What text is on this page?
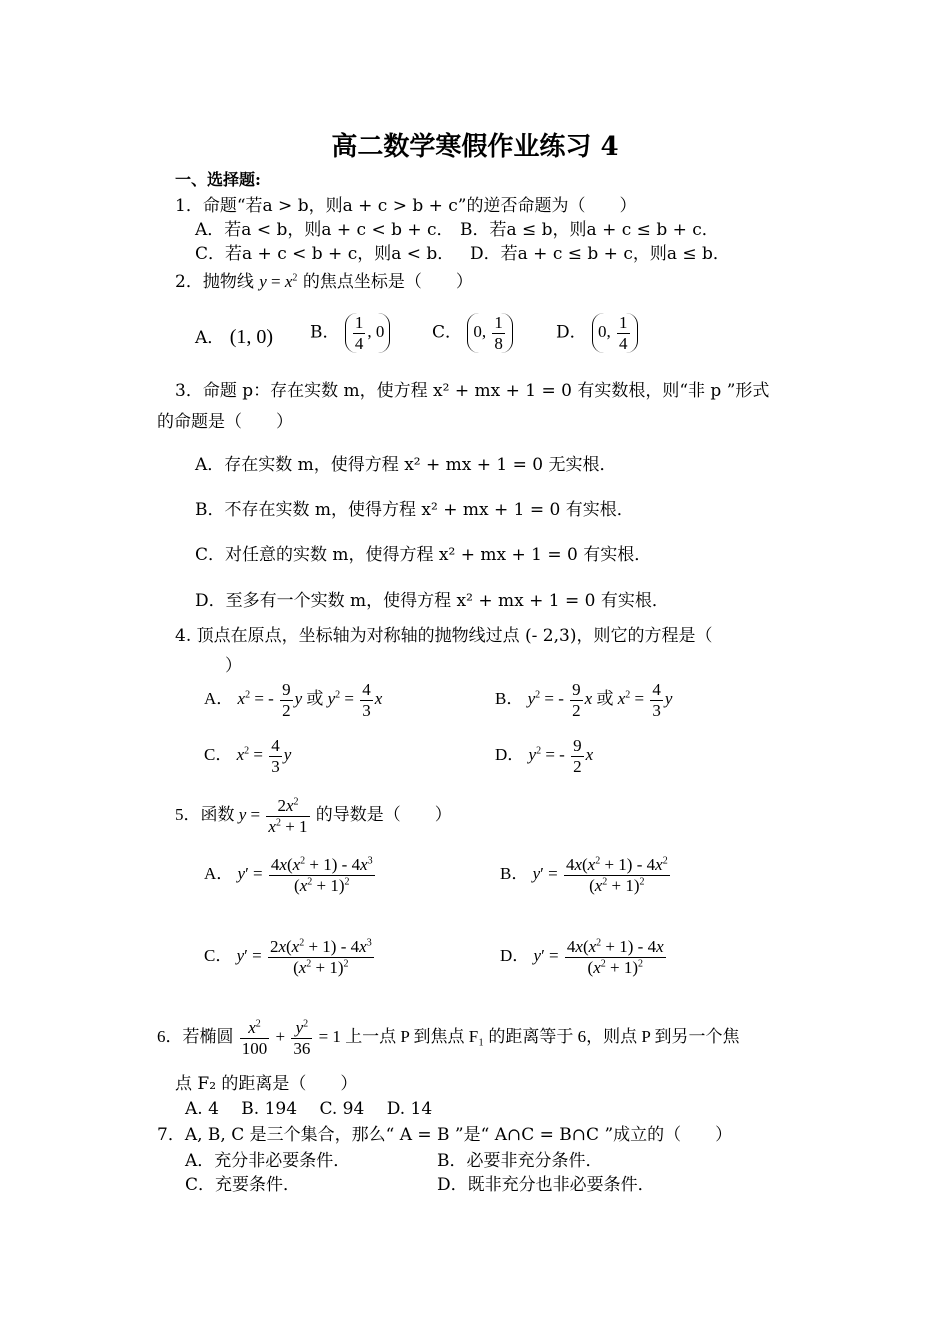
高二数学寒假作业练习 4
一、选择题:
1．命题“若a > b，则a + c > b + c”的逆否命题为（　　）
A．若a < b，则a + c < b + c． B．若a ≤ b，则a + c ≤ b + c．
C．若a + c < b + c，则a < b． D．若a + c ≤ b + c，则a ≤ b．
2．抛物线 $y = x^2$ 的焦点坐标是（　　）
A． (1, 0) B． $\frac{1}{4}$ , 0	C． 0, $\frac{1}{8}$	D． 0, $\frac{1}{4}$
3．命题 p：存在实数 m，使方程 x² + mx + 1 = 0 有实数根，则“非 p ”形式
的命题是（　　）
A．存在实数 m，使得方程 x² + mx + 1 = 0 无实根．
B．不存在实数 m，使得方程 x² + mx + 1 = 0 有实根．
C．对任意的实数 m，使得方程 x² + mx + 1 = 0 有实根．
D．至多有一个实数 m，使得方程 x² + mx + 1 = 0 有实根．
4. 顶点在原点，坐标轴为对称轴的抛物线过点 (- 2,3)，则它的方程是（
）
A． $x^2$ = - $\frac{9}{2}$ y 或 $y^2 = \frac{4}{3}$ x	B． $y^2$ = - $\frac{9}{2}$ x 或 $x^2 = \frac{4}{3}$ y
C． $x^2 = \frac{4}{3}$ y	D． $y^2$ = - $\frac{9}{2}$ x
5．函数 $y = \frac{2x^2}{x^2 + 1}$ 的导数是（　　）
A． $y' = \frac{4x(x^2 + 1) - 4x^3}{(x^2 + 1)^2}$	B． $y' = \frac{4x(x^2 + 1) - 4x^2}{(x^2 + 1)^2}$
C． $y' = \frac{2x(x^2 + 1) - 4x^3}{(x^2 + 1)^2}$	D． $y' = \frac{4x(x^2 + 1) - 4x}{(x^2 + 1)^2}$
6．若椭圆 $\frac{x^2}{100} + \frac{y^2}{36} = 1$ 上一点 P 到焦点 F₁ 的距离等于 6，则点 P 到另一个焦
点 F₂ 的距离是（　　）
A. 4　 B. 194　 C. 94　 D. 14
7．A, B, C 是三个集合，那么“ A = B ”是“ A∩C = B∩C ”成立的（　　）
A．充分非必要条件．	B．必要非充分条件．
C．充要条件．	D．既非充分也非必要条件．
